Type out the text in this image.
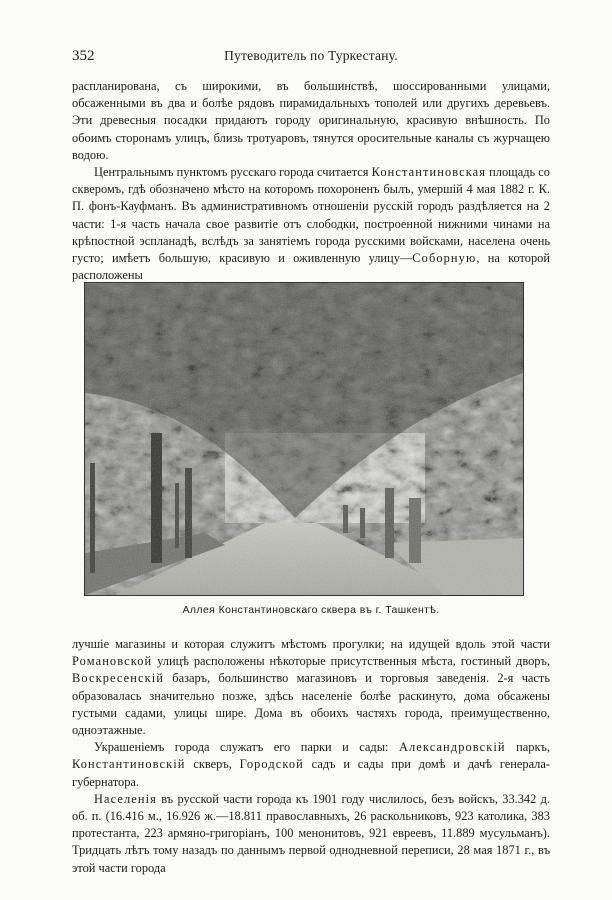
352	Путеводитель по Туркестану.

распланирована, съ широкими, въ большинствѣ, шоссированными улицами, обсаженными въ два и болѣе рядовъ пирамидальныхъ тополей или другихъ деревьевъ. Эти древесныя посадки придаютъ городу оригинальную, красивую внѣшность. По обоимъ сторонамъ улицъ, близь тротуаровъ, тянутся оросительные каналы съ журчащею водою.

Центральнымъ пунктомъ русскаго города считается Константиновская площадь со скверомъ, гдѣ обозначено мѣсто на которомъ похороненъ былъ, умершій 4 мая 1882 г. К. П. фонъ-Кауфманъ. Въ административномъ отношеніи русскій городъ раздѣляется на 2 части: 1-я часть начала свое развитіе отъ слободки, построенной нижними чинами на крѣпостной эспланадѣ, вслѣдъ за занятіемъ города русскими войсками, населена очень густо; имѣетъ большую, красивую и оживленную улицу—Соборную, на которой расположены

Аллея Константиновскаго сквера въ г. Ташкентѣ.

лучшіе магазины и которая служитъ мѣстомъ прогулки; на идущей вдоль этой части Романовской улицѣ расположены нѣкоторые присутственныя мѣста, гостиный дворъ, Воскресенскій базаръ, большинство магазиновъ и торговыя заведенія. 2-я часть образовалась значительно позже, здѣсь населеніе болѣе раскинуто, дома обсажены густыми садами, улицы шире. Дома въ обоихъ частяхъ города, преимущественно, одноэтажные.

Украшеніемъ города служатъ его парки и сады: Александровскій паркъ, Константиновскій скверъ, Городской садъ и сады при домѣ и дачѣ генерала-губернатора.

Населенія въ русской части города къ 1901 году числилось, безъ войскъ, 33.342 д. об. п. (16.416 м., 16.926 ж.—18.811 православныхъ, 26 раскольниковъ, 923 католика, 383 протестанта, 223 армяно-григоріанъ, 100 менонитовъ, 921 евреевъ, 11.889 мусульманъ). Тридцать лѣтъ тому назадъ по даннымъ первой однодневной переписи, 28 мая 1871 г., въ этой части города
